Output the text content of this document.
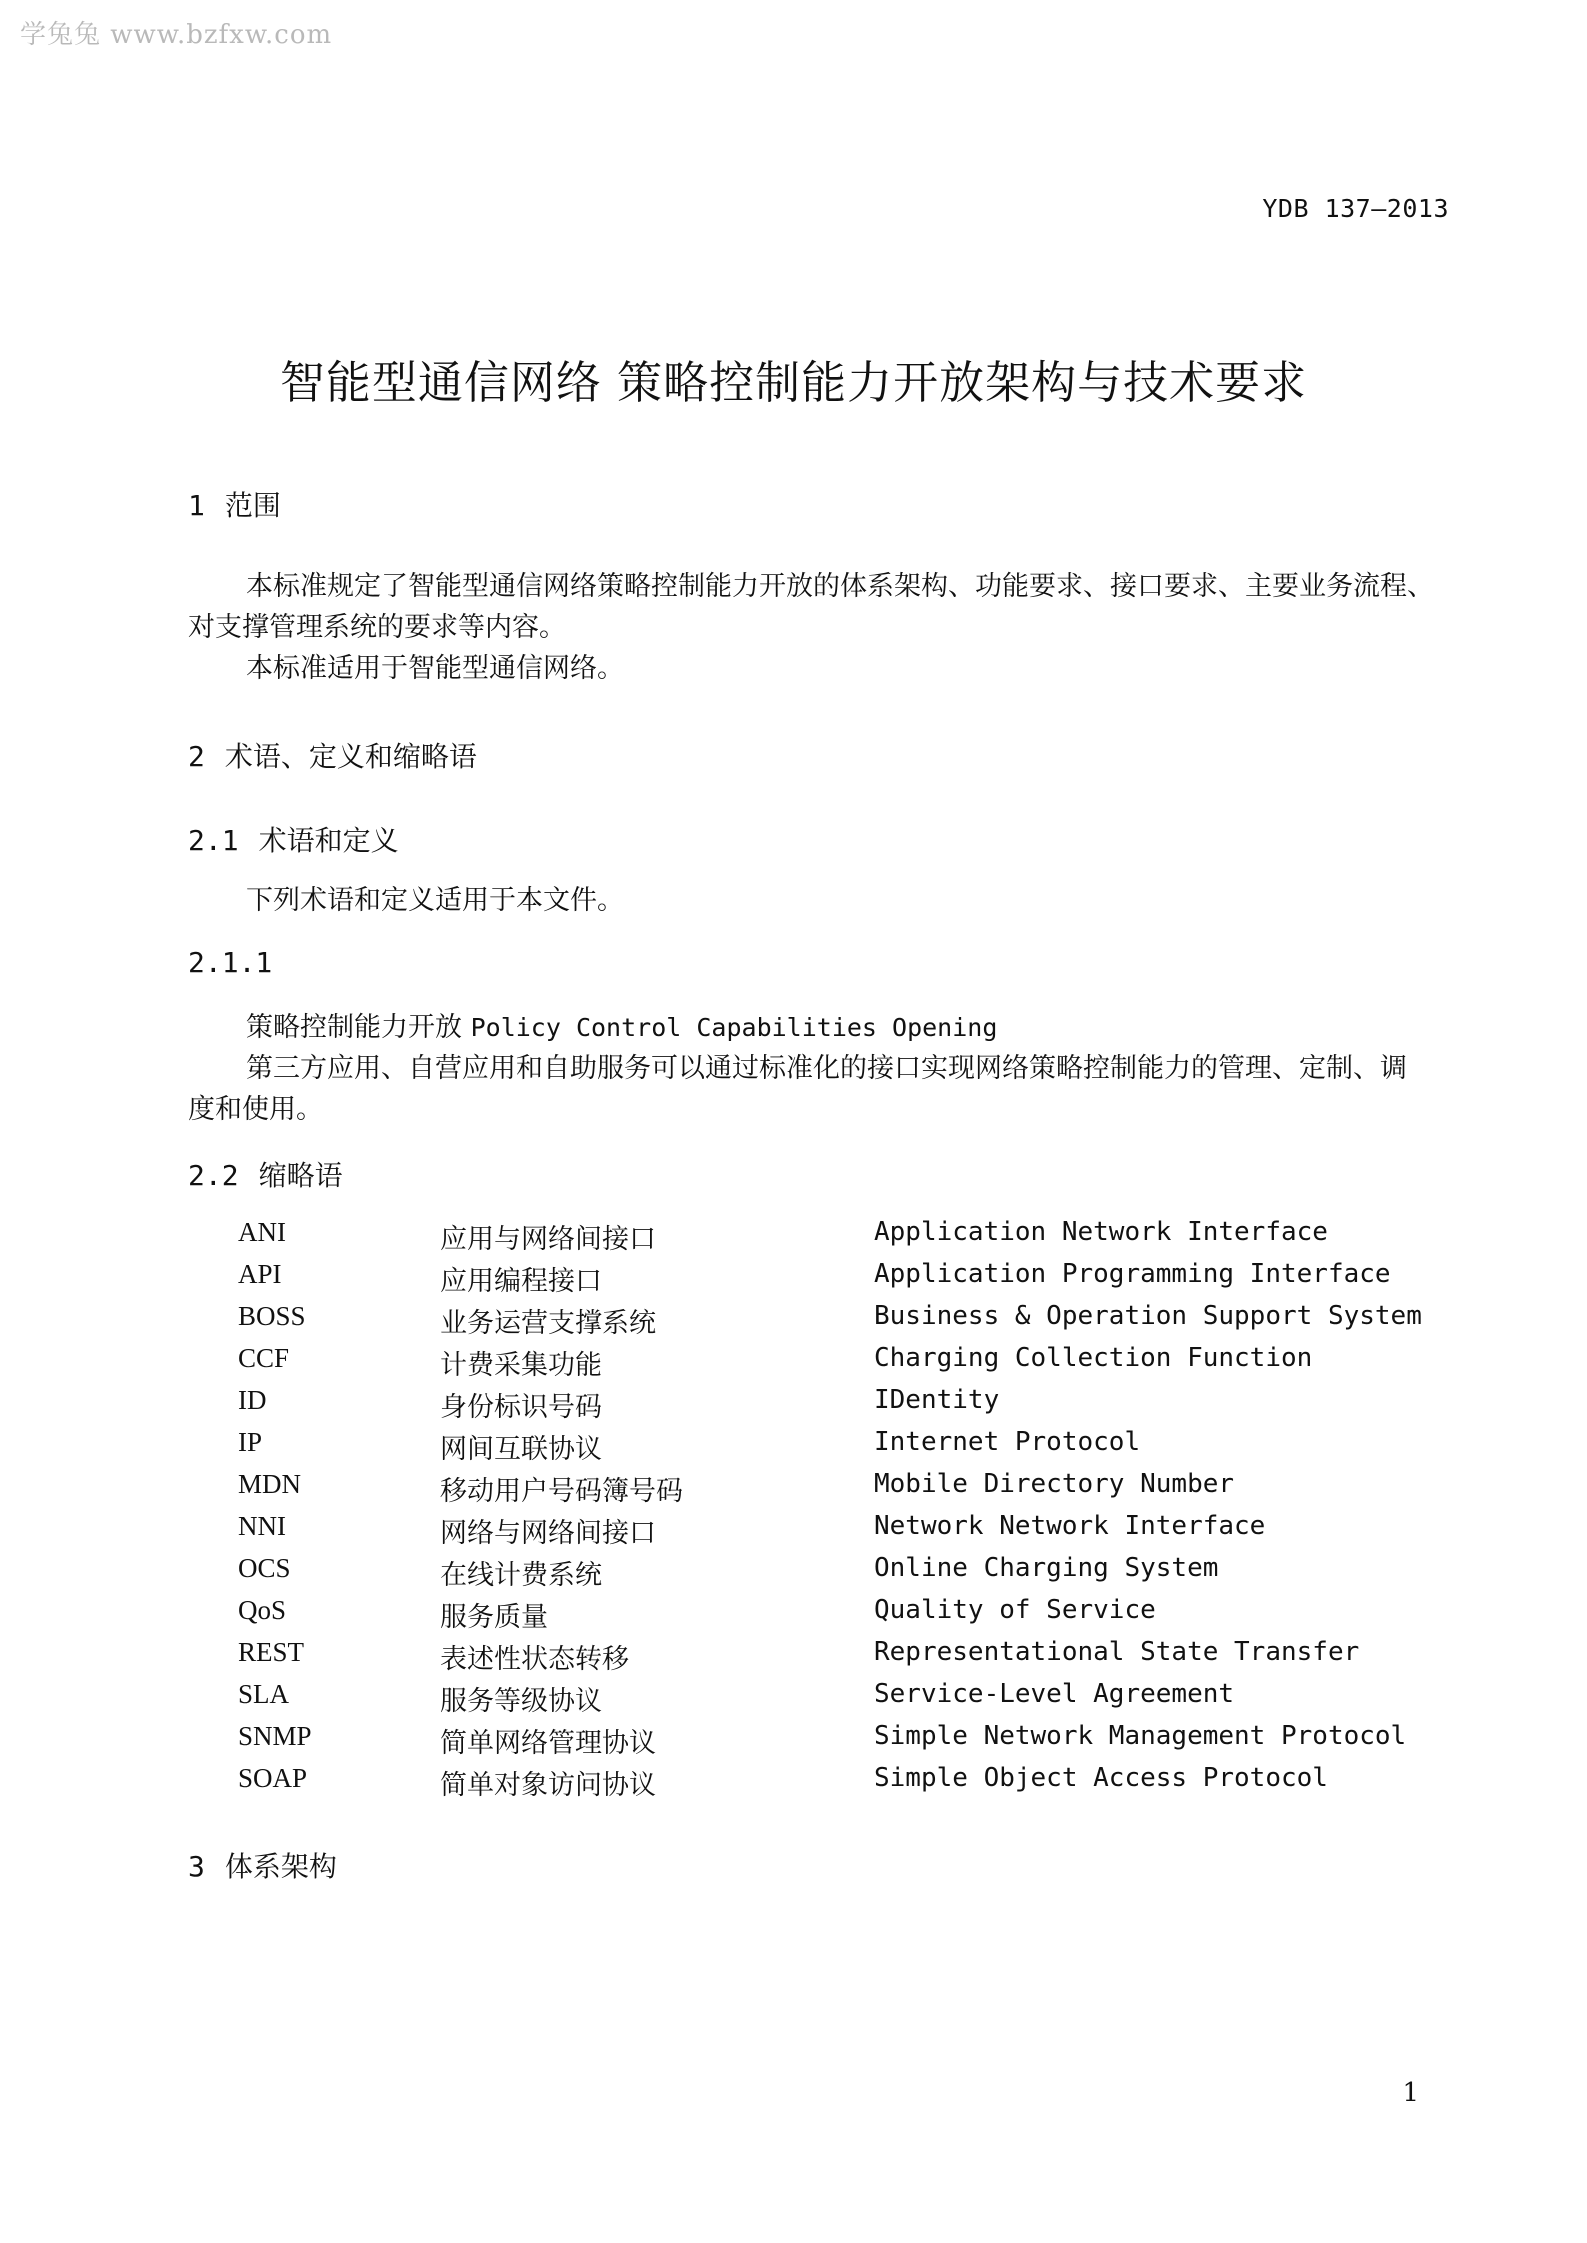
学兔兔 www.bzfxw.com
YDB 137—2013
智能型通信网络 策略控制能力开放架构与技术要求
1 范围
本标准规定了智能型通信网络策略控制能力开放的体系架构、功能要求、接口要求、主要业务流程、
对支撑管理系统的要求等内容。
本标准适用于智能型通信网络。
2 术语、定义和缩略语
2.1 术语和定义
下列术语和定义适用于本文件。
2.1.1
策略控制能力开放 Policy Control Capabilities Opening
第三方应用、自营应用和自助服务可以通过标准化的接口实现网络策略控制能力的管理、定制、调
度和使用。
2.2 缩略语
ANI	应用与网络间接口	Application Network Interface
API	应用编程接口	Application Programming Interface
BOSS	业务运营支撑系统	Business & Operation Support System
CCF	计费采集功能	Charging Collection Function
ID	身份标识号码	IDentity
IP	网间互联协议	Internet Protocol
MDN	移动用户号码簿号码	Mobile Directory Number
NNI	网络与网络间接口	Network Network Interface
OCS	在线计费系统	Online Charging System
QoS	服务质量	Quality of Service
REST	表述性状态转移	Representational State Transfer
SLA	服务等级协议	Service-Level Agreement
SNMP	简单网络管理协议	Simple Network Management Protocol
SOAP	简单对象访问协议	Simple Object Access Protocol
3 体系架构
1
